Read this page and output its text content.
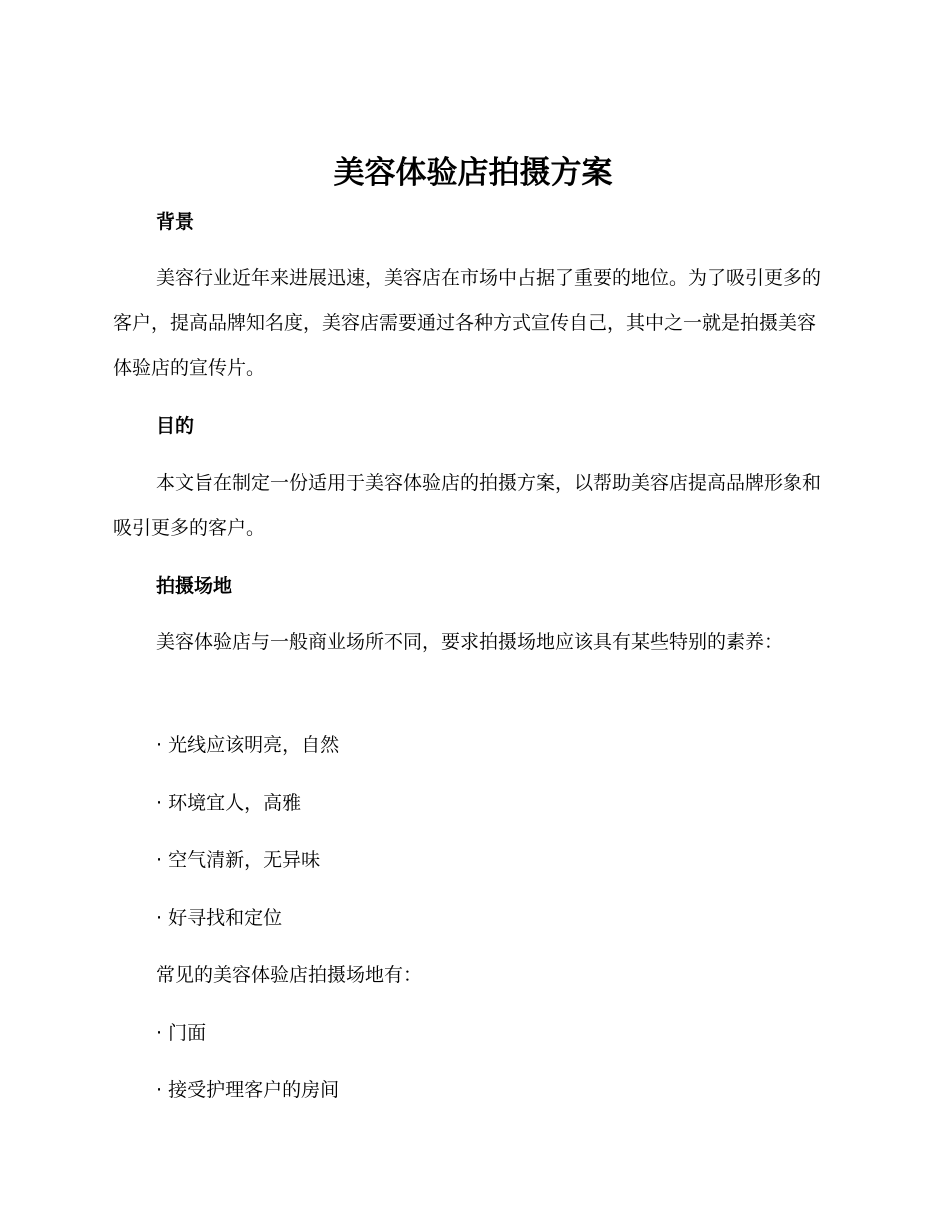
美容体验店拍摄方案
背景

美容行业近年来进展迅速，美容店在市场中占据了重要的地位。为了吸引更多的客户，提高品牌知名度，美容店需要通过各种方式宣传自己，其中之一就是拍摄美容体验店的宣传片。

目的

本文旨在制定一份适用于美容体验店的拍摄方案，以帮助美容店提高品牌形象和吸引更多的客户。

拍摄场地

美容体验店与一般商业场所不同，要求拍摄场地应该具有某些特别的素养：

· 光线应该明亮，自然

· 环境宜人，高雅

· 空气清新，无异味

· 好寻找和定位

常见的美容体验店拍摄场地有：

· 门面

· 接受护理客户的房间
